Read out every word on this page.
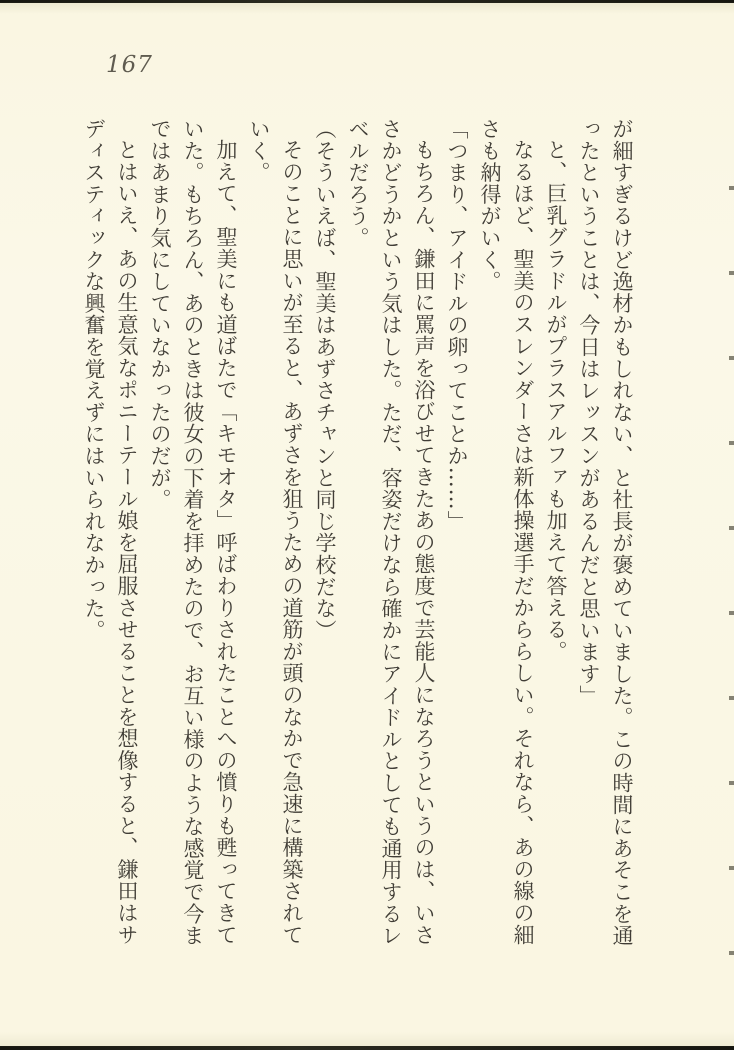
167

が細すぎるけど逸材かもしれない、と社長が褒めていました。この時間にあそこを通ったということは、今日はレッスンがあるんだと思います」

と、巨乳グラドルがプラスアルファも加えて答える。

なるほど、聖美のスレンダーさは新体操選手だかららしい。それなら、あの線の細さも納得がいく。

「つまり、アイドルの卵ってことか……」

もちろん、鎌田に罵声を浴びせてきたあの態度で芸能人になろうというのは、いささかどうかという気はした。ただ、容姿だけなら確かにアイドルとしても通用するレベルだろう。

（そういえば、聖美はあずさチャンと同じ学校だな）

そのことに思いが至ると、あずさを狙うための道筋が頭のなかで急速に構築されていく。

加えて、聖美にも道ばたで「キモオタ」呼ばわりされたことへの憤りも甦ってきていた。もちろん、あのときは彼女の下着を拝めたので、お互い様のような感覚で今まではあまり気にしていなかったのだが。

とはいえ、あの生意気なポニーテール娘を屈服させることを想像すると、鎌田はサディスティックな興奮を覚えずにはいられなかった。
